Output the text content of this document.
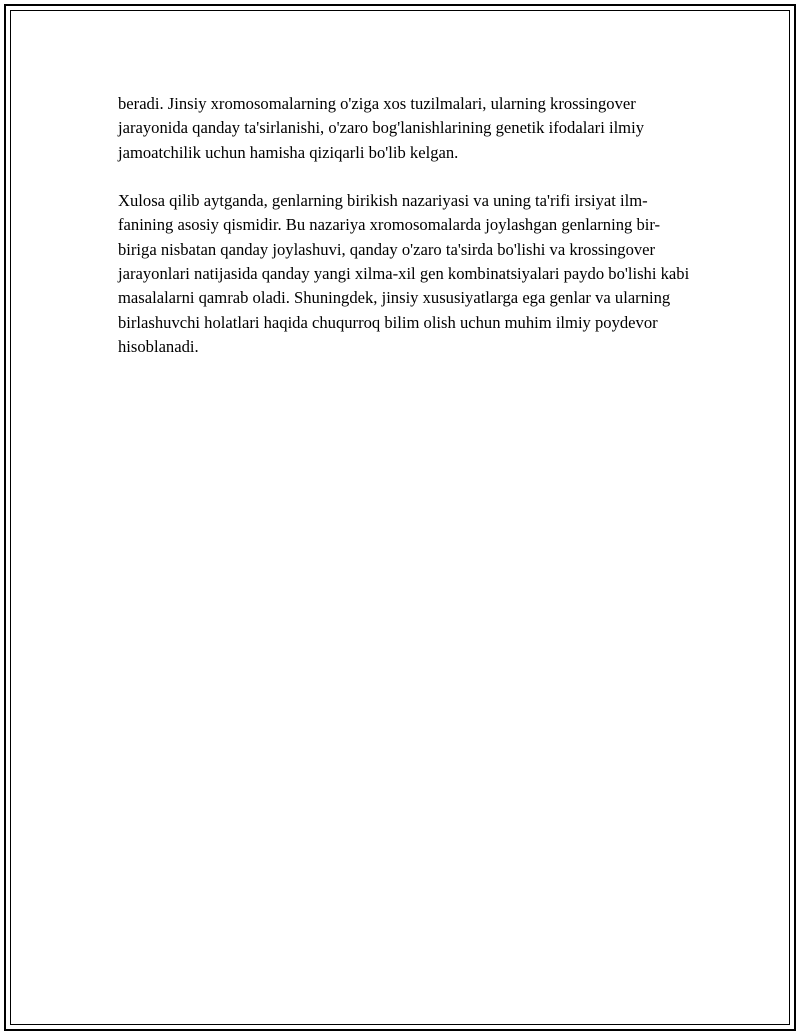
beradi. Jinsiy xromosomalarning o'ziga xos tuzilmalari, ularning krossingover jarayonida qanday ta'sirlanishi, o'zaro bog'lanishlarining genetik ifodalari ilmiy jamoatchilik uchun hamisha qiziqarli bo'lib kelgan.

Xulosa qilib aytganda, genlarning birikish nazariyasi va uning ta'rifi irsiyat ilm-fanining asosiy qismidir. Bu nazariya xromosomalarda joylashgan genlarning bir-biriga nisbatan qanday joylashuvi, qanday o'zaro ta'sirda bo'lishi va krossingover jarayonlari natijasida qanday yangi xilma-xil gen kombinatsiyalari paydo bo'lishi kabi masalalarni qamrab oladi. Shuningdek, jinsiy xususiyatlarga ega genlar va ularning birlashuvchi holatlari haqida chuqurroq bilim olish uchun muhim ilmiy poydevor hisoblanadi.
